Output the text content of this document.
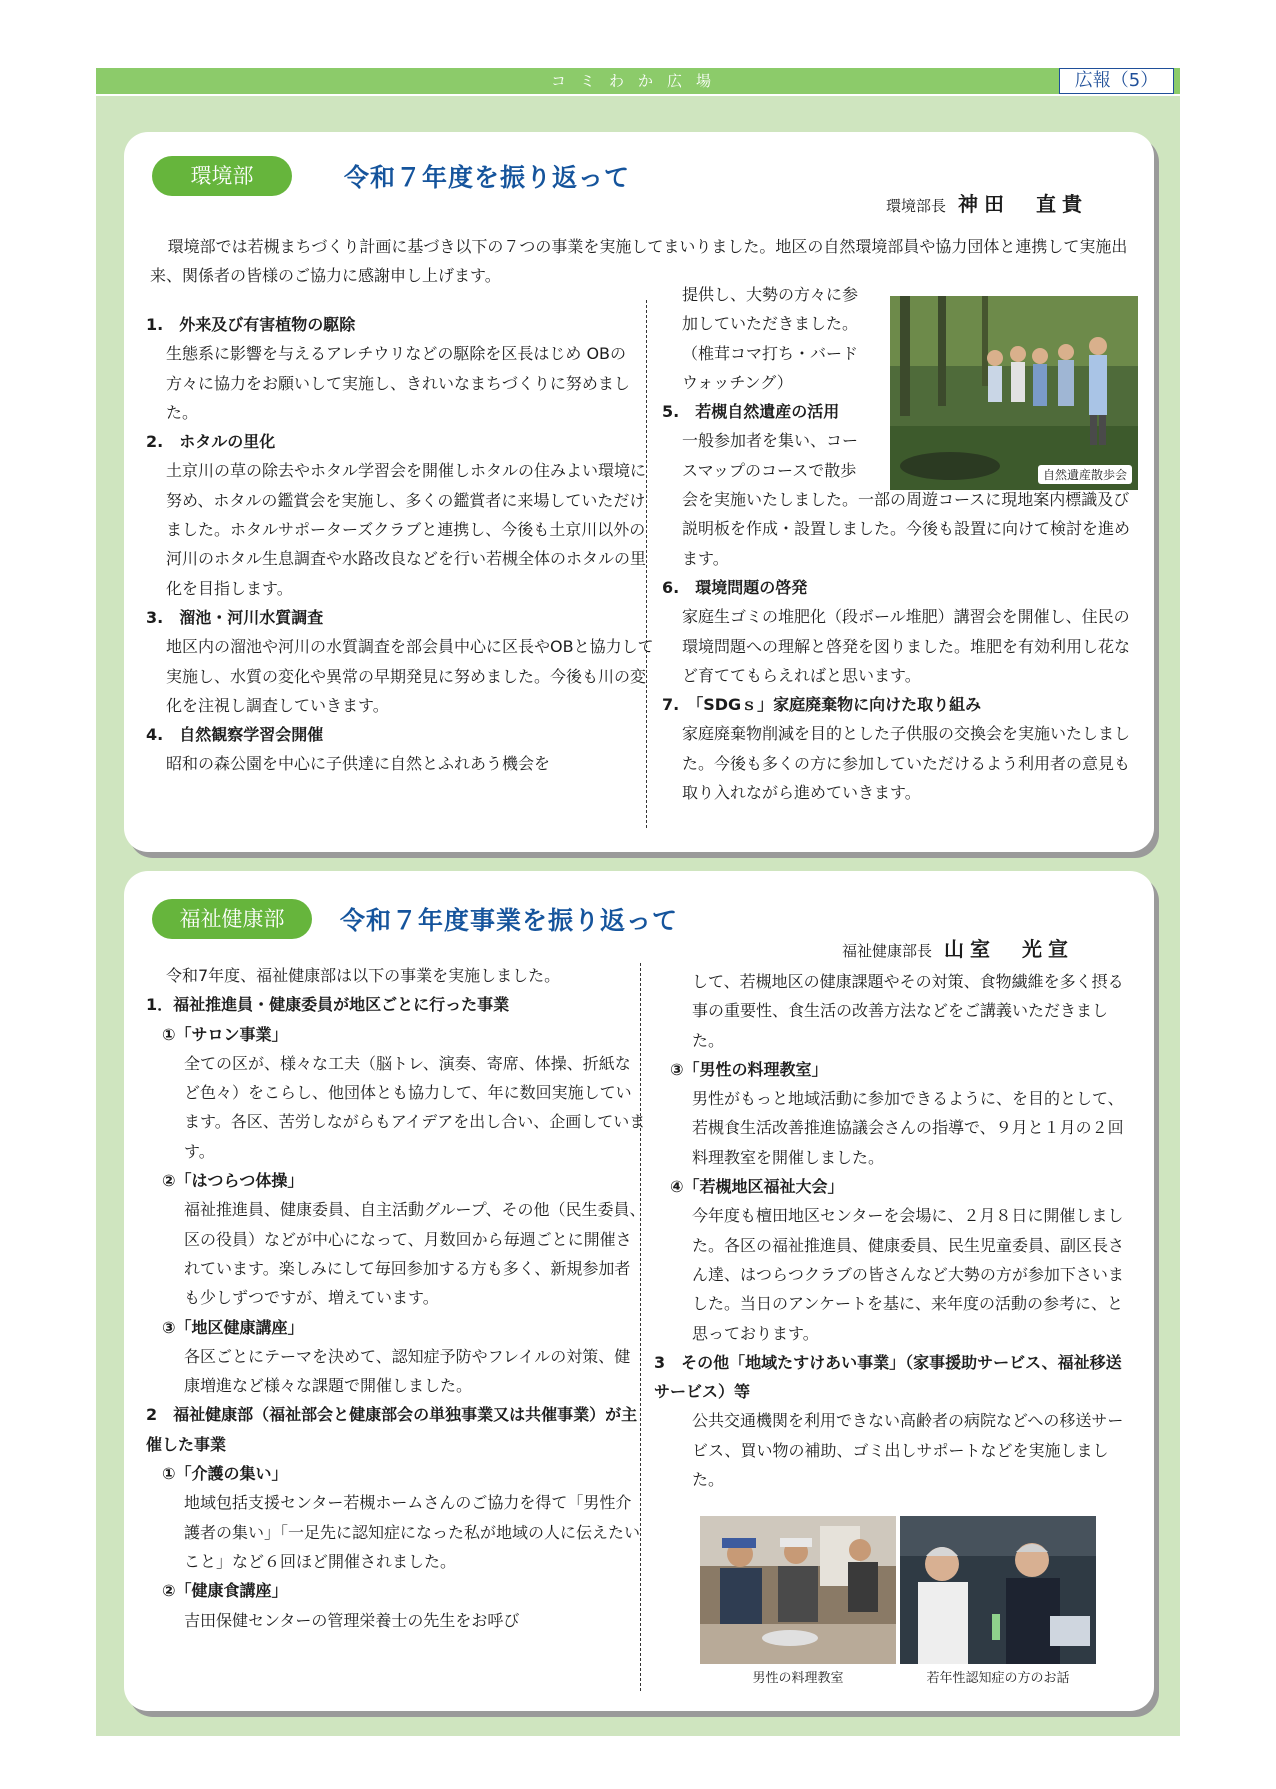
コミわか広場	広報（5）
環境部	令和７年度を振り返って
環境部長 神田　直貴
環境部では若槻まちづくり計画に基づき以下の７つの事業を実施してまいりました。地区の自然環境部員や協力団体と連携して実施出来、関係者の皆様のご協力に感謝申し上げます。

1.　外来及び有害植物の駆除

生態系に影響を与えるアレチウリなどの駆除を区長はじめ OBの方々に協力をお願いして実施し、きれいなまちづくりに努めました。

2.　ホタルの里化

土京川の草の除去やホタル学習会を開催しホタルの住みよい環境に努め、ホタルの鑑賞会を実施し、多くの鑑賞者に来場していただけました。ホタルサポーターズクラブと連携し、今後も土京川以外の河川のホタル生息調査や水路改良などを行い若槻全体のホタルの里化を目指します。

3.　溜池・河川水質調査

地区内の溜池や河川の水質調査を部会員中心に区長やOBと協力して実施し、水質の変化や異常の早期発見に努めました。今後も川の変化を注視し調査していきます。

4.　自然観察学習会開催

昭和の森公園を中心に子供達に自然とふれあう機会を

提供し、大勢の方々に参加していただきました。（椎茸コマ打ち・バードウォッチング）

5.　若槻自然遺産の活用

一般参加者を集い、コースマップのコースで散歩

会を実施いたしました。一部の周遊コースに現地案内標識及び説明板を作成・設置しました。今後も設置に向けて検討を進めます。

6.　環境問題の啓発

家庭生ゴミの堆肥化（段ボール堆肥）講習会を開催し、住民の環境問題への理解と啓発を図りました。堆肥を有効利用し花など育ててもらえればと思います。

7.　「SDGｓ」家庭廃棄物に向けた取り組み

家庭廃棄物削減を目的とした子供服の交換会を実施いたしました。今後も多くの方に参加していただけるよう利用者の意見も取り入れながら進めていきます。

自然遺産散歩会
福祉健康部	令和７年度事業を振り返って
福祉健康部長 山室　光宣

令和7年度、福祉健康部は以下の事業を実施しました。

1．福祉推進員・健康委員が地区ごとに行った事業

①「サロン事業」

全ての区が、様々な工夫（脳トレ、演奏、寄席、体操、折紙など色々）をこらし、他団体とも協力して、年に数回実施しています。各区、苦労しながらもアイデアを出し合い、企画しています。

②「はつらつ体操」

福祉推進員、健康委員、自主活動グループ、その他（民生委員、区の役員）などが中心になって、月数回から毎週ごとに開催されています。楽しみにして毎回参加する方も多く、新規参加者も少しずつですが、増えています。

③「地区健康講座」

各区ごとにテーマを決めて、認知症予防やフレイルの対策、健康増進など様々な課題で開催しました。

2　福祉健康部（福祉部会と健康部会の単独事業又は共催事業）が主催した事業

①「介護の集い」

地域包括支援センター若槻ホームさんのご協力を得て「男性介護者の集い」「一足先に認知症になった私が地域の人に伝えたいこと」など６回ほど開催されました。

②「健康食講座」

吉田保健センターの管理栄養士の先生をお呼び

して、若槻地区の健康課題やその対策、食物繊維を多く摂る事の重要性、食生活の改善方法などをご講義いただきました。

③「男性の料理教室」

男性がもっと地域活動に参加できるように、を目的として、若槻食生活改善推進協議会さんの指導で、９月と１月の２回料理教室を開催しました。

④「若槻地区福祉大会」

今年度も檀田地区センターを会場に、２月８日に開催しました。各区の福祉推進員、健康委員、民生児童委員、副区長さん達、はつらつクラブの皆さんなど大勢の方が参加下さいました。当日のアンケートを基に、来年度の活動の参考に、と思っております。

3　その他「地域たすけあい事業」（家事援助サービス、福祉移送サービス）等

公共交通機関を利用できない高齢者の病院などへの移送サービス、買い物の補助、ゴミ出しサポートなどを実施しました。

男性の料理教室	若年性認知症の方のお話
